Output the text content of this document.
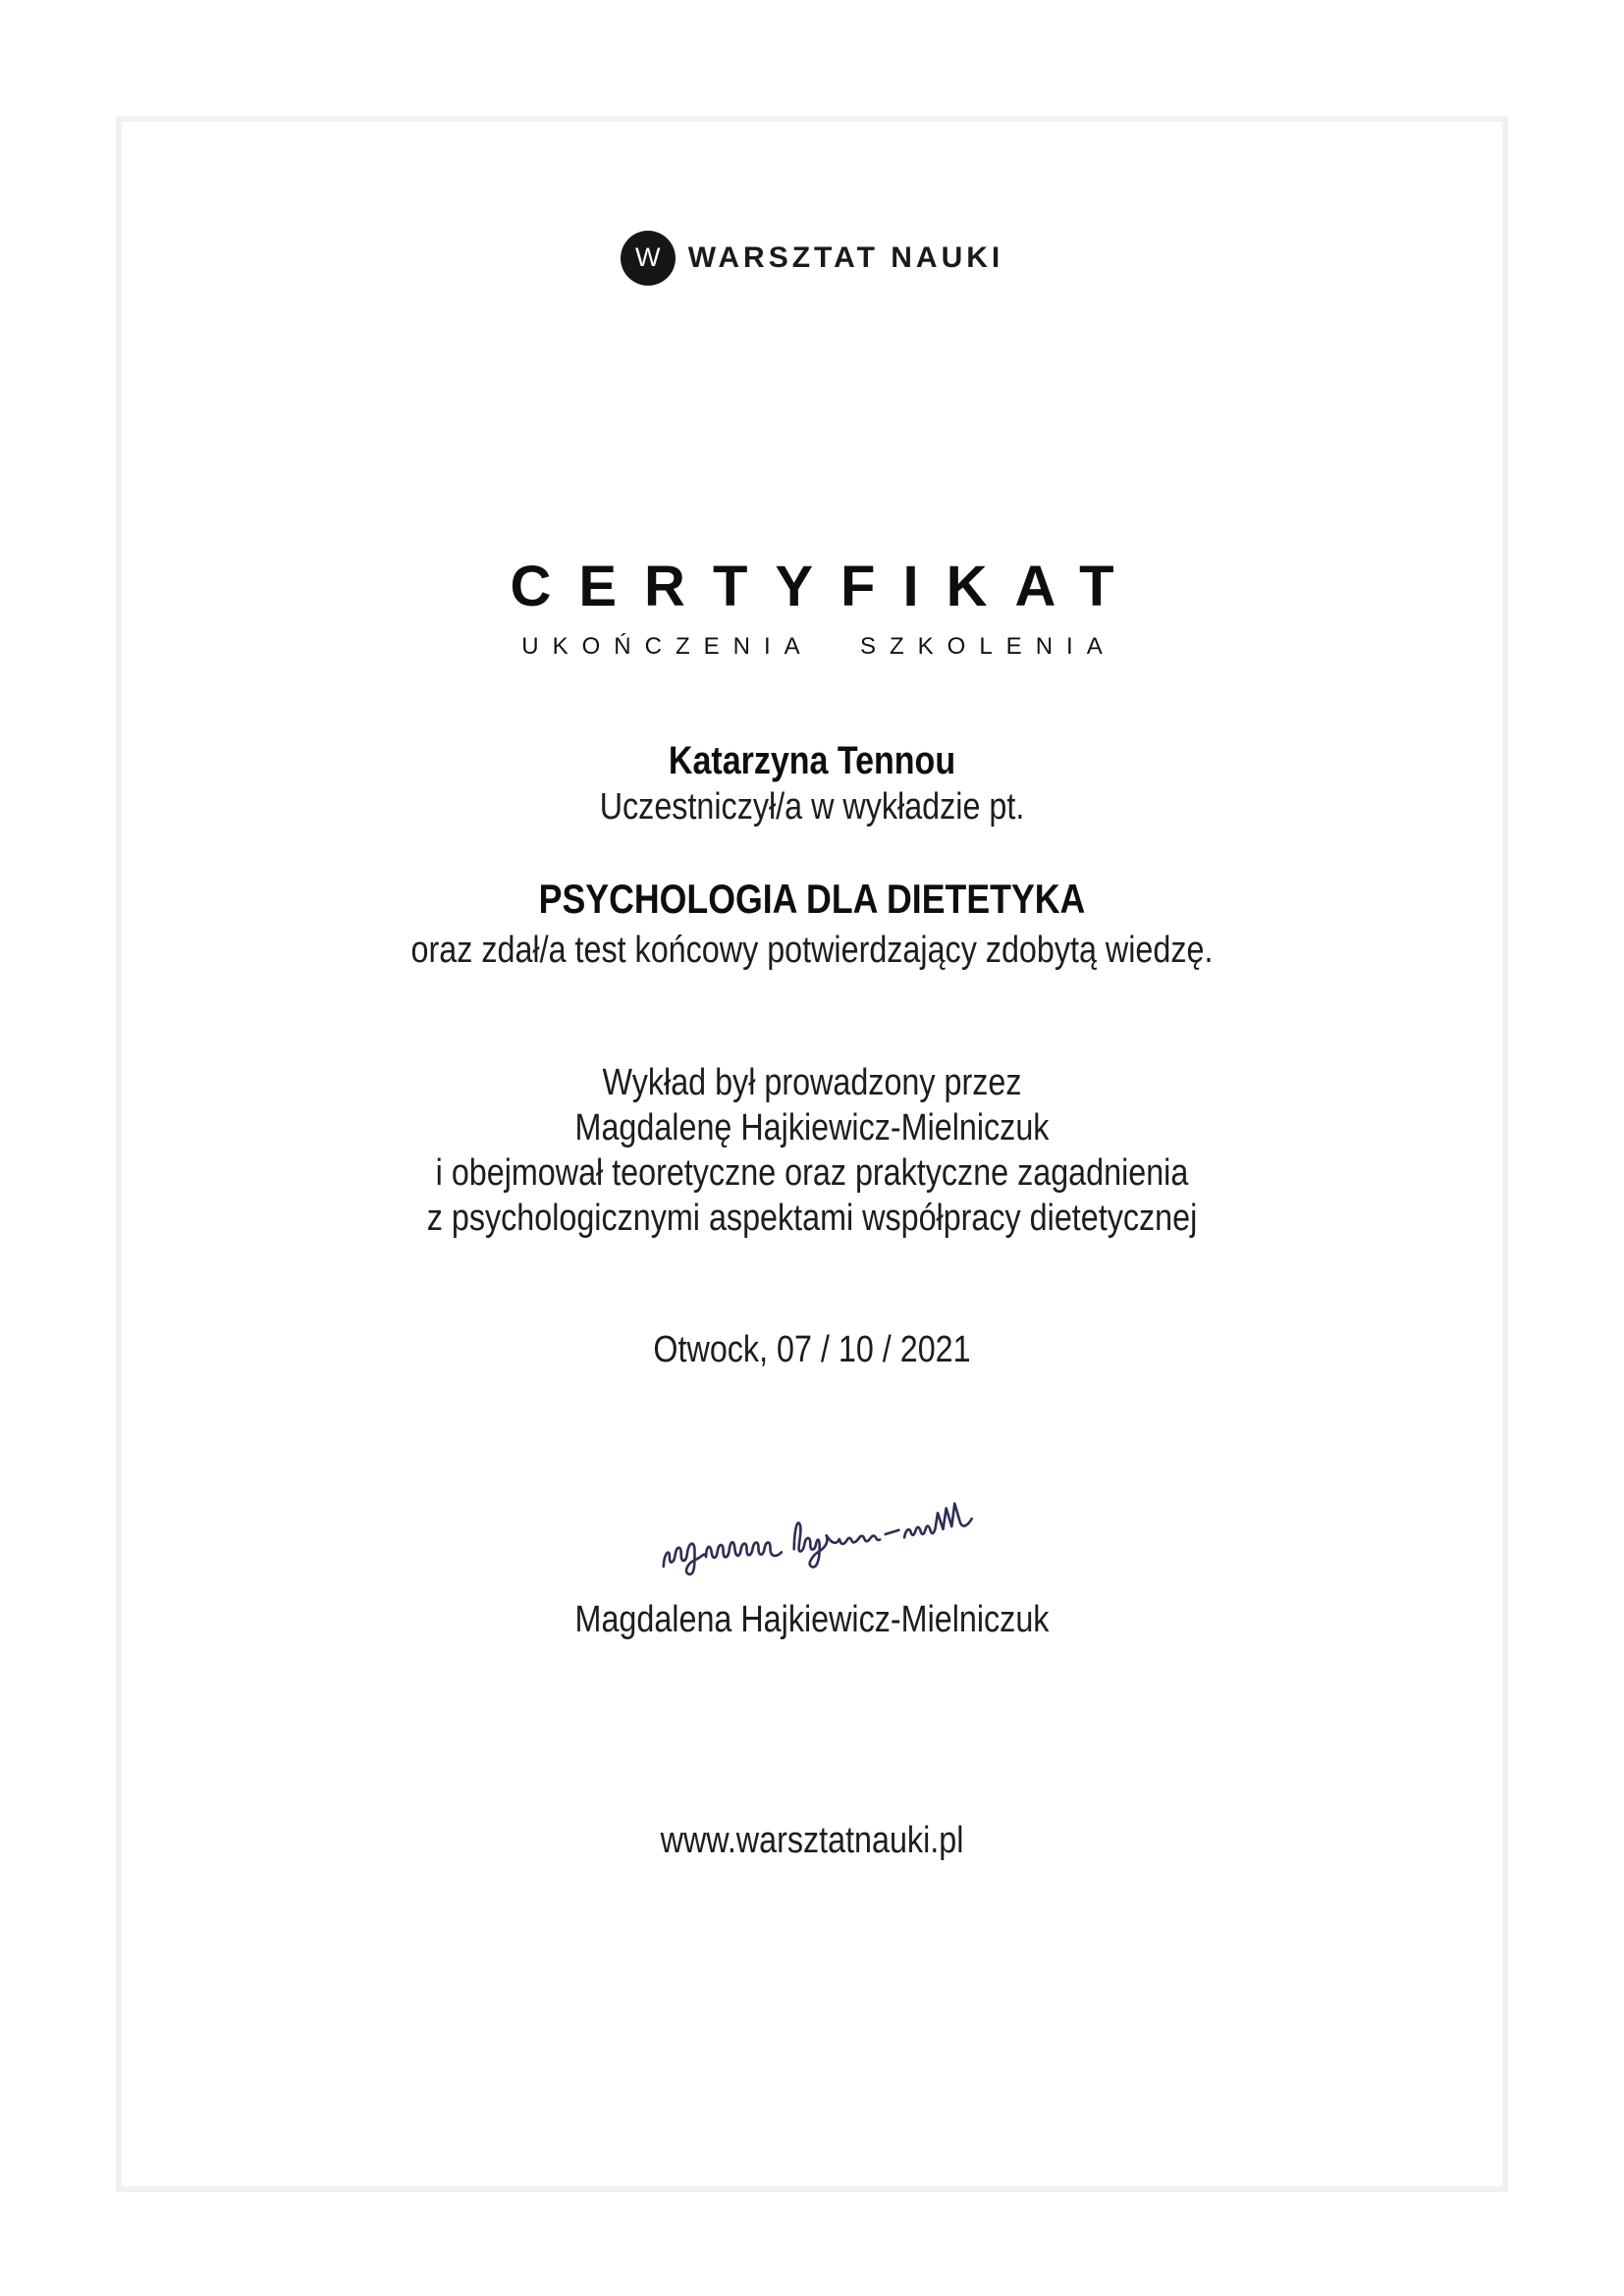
W WARSZTAT NAUKI
CERTYFIKAT
UKOŃCZENIA SZKOLENIA
Katarzyna Tennou
Uczestniczył/a w wykładzie pt.
PSYCHOLOGIA DLA DIETETYKA
oraz zdał/a test końcowy potwierdzający zdobytą wiedzę.
Wykład był prowadzony przez
Magdalenę Hajkiewicz-Mielniczuk
i obejmował teoretyczne oraz praktyczne zagadnienia
z psychologicznymi aspektami współpracy dietetycznej
Otwock, 07 / 10 / 2021
Magdalena Hajkiewicz-Mielniczuk
www.warsztatnauki.pl
